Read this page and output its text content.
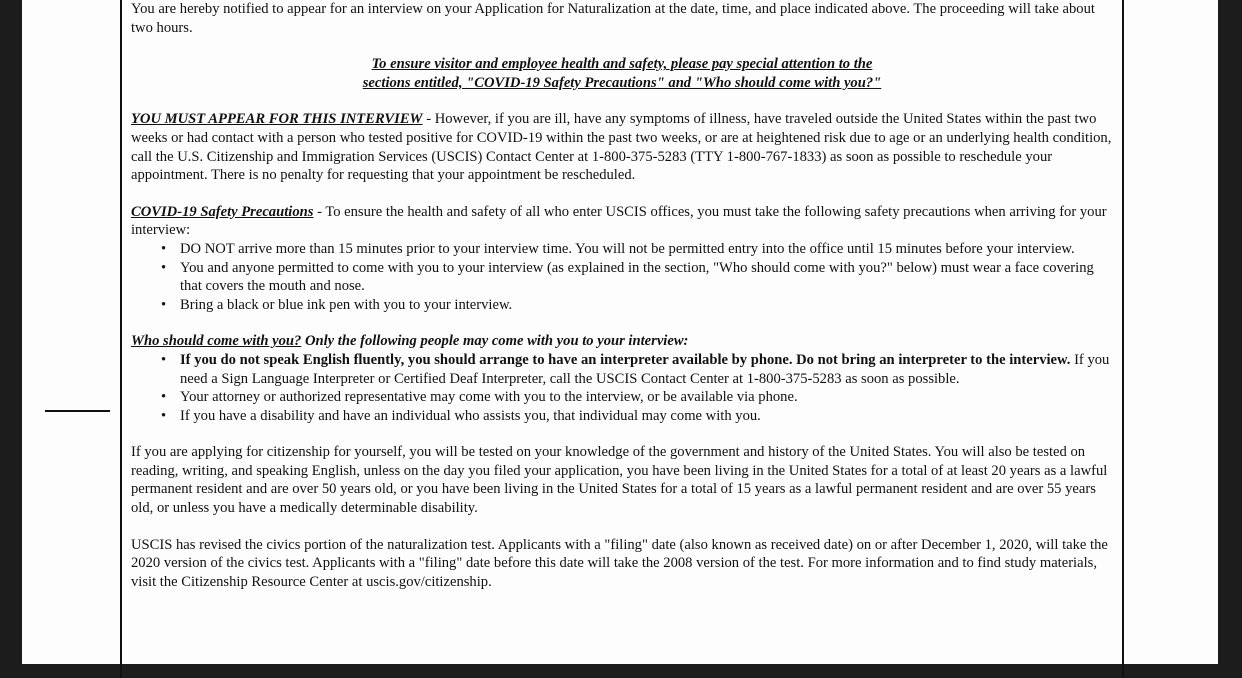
You are hereby notified to appear for an interview on your Application for Naturalization at the date, time, and place indicated above. The proceeding will take about two hours.

To ensure visitor and employee health and safety, please pay special attention to the

sections entitled, "COVID-19 Safety Precautions" and "Who should come with you?"

YOU MUST APPEAR FOR THIS INTERVIEW - However, if you are ill, have any symptoms of illness, have traveled outside the United States within the past two weeks or had contact with a person who tested positive for COVID-19 within the past two weeks, or are at heightened risk due to age or an underlying health condition, call the U.S. Citizenship and Immigration Services (USCIS) Contact Center at 1-800-375-5283 (TTY 1-800-767-1833) as soon as possible to reschedule your appointment. There is no penalty for requesting that your appointment be rescheduled.

COVID-19 Safety Precautions - To ensure the health and safety of all who enter USCIS offices, you must take the following safety precautions when arriving for your interview:

• DO NOT arrive more than 15 minutes prior to your interview time. You will not be permitted entry into the office until 15 minutes before your interview.
• You and anyone permitted to come with you to your interview (as explained in the section, "Who should come with you?" below) must wear a face covering that covers the mouth and nose.
• Bring a black or blue ink pen with you to your interview.

Who should come with you? Only the following people may come with you to your interview:

• If you do not speak English fluently, you should arrange to have an interpreter available by phone. Do not bring an interpreter to the interview. If you need a Sign Language Interpreter or Certified Deaf Interpreter, call the USCIS Contact Center at 1-800-375-5283 as soon as possible.
• Your attorney or authorized representative may come with you to the interview, or be available via phone.
• If you have a disability and have an individual who assists you, that individual may come with you.

If you are applying for citizenship for yourself, you will be tested on your knowledge of the government and history of the United States. You will also be tested on reading, writing, and speaking English, unless on the day you filed your application, you have been living in the United States for a total of at least 20 years as a lawful permanent resident and are over 50 years old, or you have been living in the United States for a total of 15 years as a lawful permanent resident and are over 55 years old, or unless you have a medically determinable disability.

USCIS has revised the civics portion of the naturalization test. Applicants with a "filing" date (also known as received date) on or after December 1, 2020, will take the 2020 version of the civics test. Applicants with a "filing" date before this date will take the 2008 version of the test. For more information and to find study materials, visit the Citizenship Resource Center at uscis.gov/citizenship.
